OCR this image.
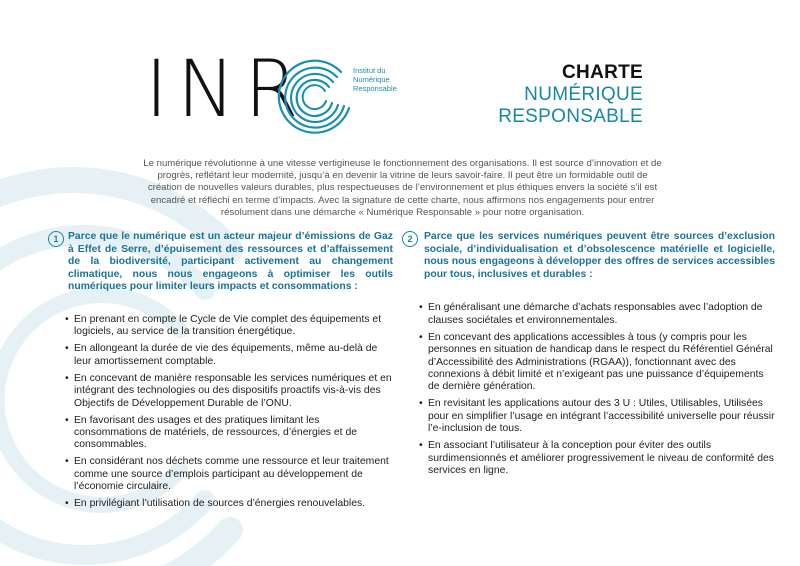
INR	Institut du
Numérique
Responsable
CHARTE
NUMÉRIQUE
RESPONSABLE
Le numérique révolutionne à une vitesse vertigineuse le fonctionnement des organisations. Il est source d’innovation et de progrès, reflétant leur modernité, jusqu’à en devenir la vitrine de leurs savoir-faire. Il peut être un formidable outil de création de nouvelles valeurs durables, plus respectueuses de l’environnement et plus éthiques envers la société s’il est encadré et réfléchi en terme d’impacts. Avec la signature de cette charte, nous affirmons nos engagements pour entrer résolument dans une démarche « Numérique Responsable » pour notre organisation.
1 Parce que le numérique est un acteur majeur d’émissions de Gaz à Effet de Serre, d’épuisement des ressources et d’affaissement de la biodiversité, participant activement au changement climatique, nous nous engageons à optimiser les outils numériques pour limiter leurs impacts et consommations :
• En prenant en compte le Cycle de Vie complet des équipements et logiciels, au service de la transition énergétique.
• En allongeant la durée de vie des équipements, même au-delà de leur amortissement comptable.
• En concevant de manière responsable les services numériques et en intégrant des technologies ou des dispositifs proactifs vis-à-vis des Objectifs de Développement Durable de l’ONU.
• En favorisant des usages et des pratiques limitant les consommations de matériels, de ressources, d’énergies et de consommables.
• En considérant nos déchets comme une ressource et leur traitement comme une source d’emplois participant au développement de l’économie circulaire.
• En privilégiant l’utilisation de sources d’énergies renouvelables.
2	Parce que les services numériques peuvent être sources d’exclusion sociale, d’individualisation et d’obsolescence matérielle et logicielle, nous nous engageons à développer des offres de services accessibles pour tous, inclusives et durables :
• En généralisant une démarche d’achats responsables avec l’adoption de clauses sociétales et environnementales.
• En concevant des applications accessibles à tous (y compris pour les personnes en situation de handicap dans le respect du Référentiel Général d’Accessibilité des Administrations (RGAA)), fonctionnant avec des connexions à débit limité et n’exigeant pas une puissance d’équipements de dernière génération.
• En revisitant les applications autour des 3 U : Utiles, Utilisables, Utilisées pour en simplifier l’usage en intégrant l’accessibilité universelle pour réussir l’e-inclusion de tous.
• En associant l’utilisateur à la conception pour éviter des outils surdimensionnés et améliorer progressivement le niveau de conformité des services en ligne.
